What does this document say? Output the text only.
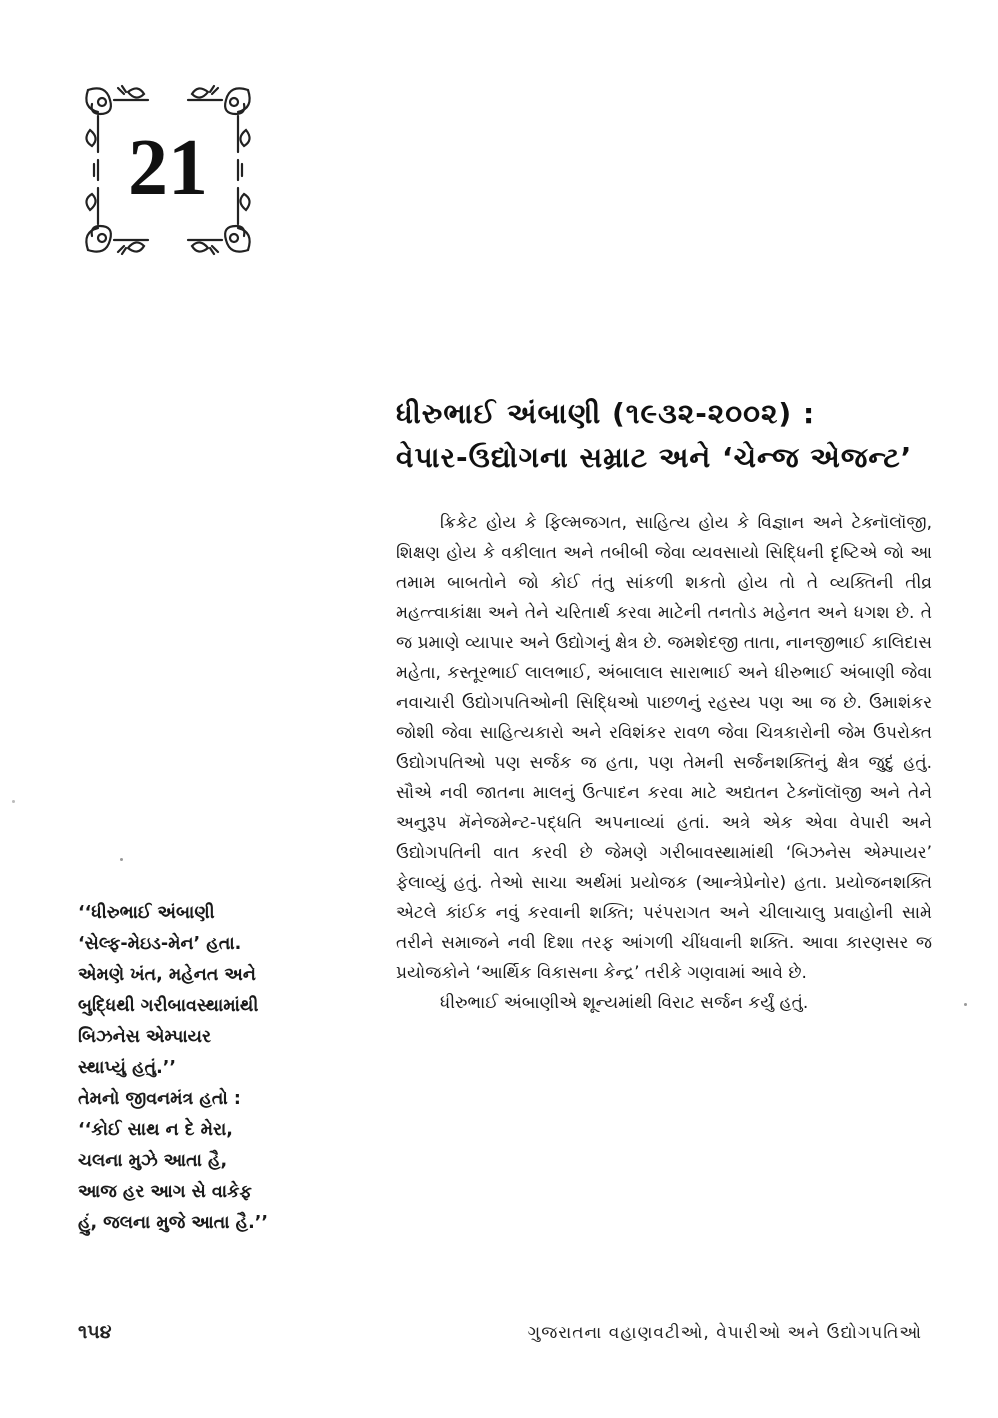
21
ધીરુભાઈ અંબાણી (૧૯૩૨-૨૦૦૨) :
વેપાર-ઉદ્યોગના સમ્રાટ અને ‘ચેન્જ એજન્ટ’

ક્રિકેટ હોય કે ફિલ્મજગત, સાહિત્ય હોય કે વિજ્ઞાન અને ટેક્નૉલૉજી, શિક્ષણ હોય કે વકીલાત અને તબીબી જેવા વ્યવસાયો સિદ્ધિની દૃષ્ટિએ જો આ તમામ બાબતોને જો કોઈ તંતુ સાંકળી શકતો હોય તો તે વ્યક્તિની તીવ્ર મહત્ત્વાકાંક્ષા અને તેને ચરિતાર્થ કરવા માટેની તનતોડ મહેનત અને ધગશ છે. તે જ પ્રમાણે વ્યાપાર અને ઉદ્યોગનું ક્ષેત્ર છે. જમશેદજી તાતા, નાનજીભાઈ કાલિદાસ મહેતા, કસ્તૂરભાઈ લાલભાઈ, અંબાલાલ સારાભાઈ અને ધીરુભાઈ અંબાણી જેવા નવાચારી ઉદ્યોગપતિઓની સિદ્ધિઓ પાછળનું રહસ્ય પણ આ જ છે. ઉમાશંકર જોશી જેવા સાહિત્યકારો અને રવિશંકર રાવળ જેવા ચિત્રકારોની જેમ ઉપરોક્ત ઉદ્યોગપતિઓ પણ સર્જક જ હતા, પણ તેમની સર્જનશક્તિનું ક્ષેત્ર જુદું હતું. સૌએ નવી જાતના માલનું ઉત્પાદન કરવા માટે અદ્યતન ટેક્નૉલૉજી અને તેને અનુરૂપ મૅનેજમેન્ટ-પદ્ધતિ અપનાવ્યાં હતાં. અત્રે એક એવા વેપારી અને ઉદ્યોગપતિની વાત કરવી છે જેમણે ગરીબાવસ્થામાંથી ‘બિઝનેસ એમ્પાયર’ ફેલાવ્યું હતું. તેઓ સાચા અર્થમાં પ્રયોજક (આન્ત્રેપ્રેનોર) હતા. પ્રયોજનશક્તિ એટલે કાંઈક નવું કરવાની શક્તિ; પરંપરાગત અને ચીલાચાલુ પ્રવાહોની સામે તરીને સમાજને નવી દિશા તરફ આંગળી ચીંધવાની શક્તિ. આવા કારણસર જ પ્રયોજકોને ‘આર્થિક વિકાસના કેન્દ્ર’ તરીકે ગણવામાં આવે છે.

ધીરુભાઈ અંબાણીએ શૂન્યમાંથી વિરાટ સર્જન કર્યું હતું.

‘‘ધીરુભાઈ અંબાણી
‘સેલ્ફ-મેઇડ-મેન’ હતા.
એમણે ખંત, મહેનત અને
બુદ્ધિથી ગરીબાવસ્થામાંથી
બિઝનેસ એમ્પાયર
સ્થાપ્યું હતું.’’
તેમનો જીવનમંત્ર હતો :
‘‘કોઈ સાથ ન દે મેરા,
ચલના મુઝે આતા હૈ,
આજ હર આગ સે વાકેફ
હું, જલના મુજે આતા હૈ.’’
૧૫૪	ગુજરાતના વહાણવટીઓ, વેપારીઓ અને ઉદ્યોગપતિઓ
